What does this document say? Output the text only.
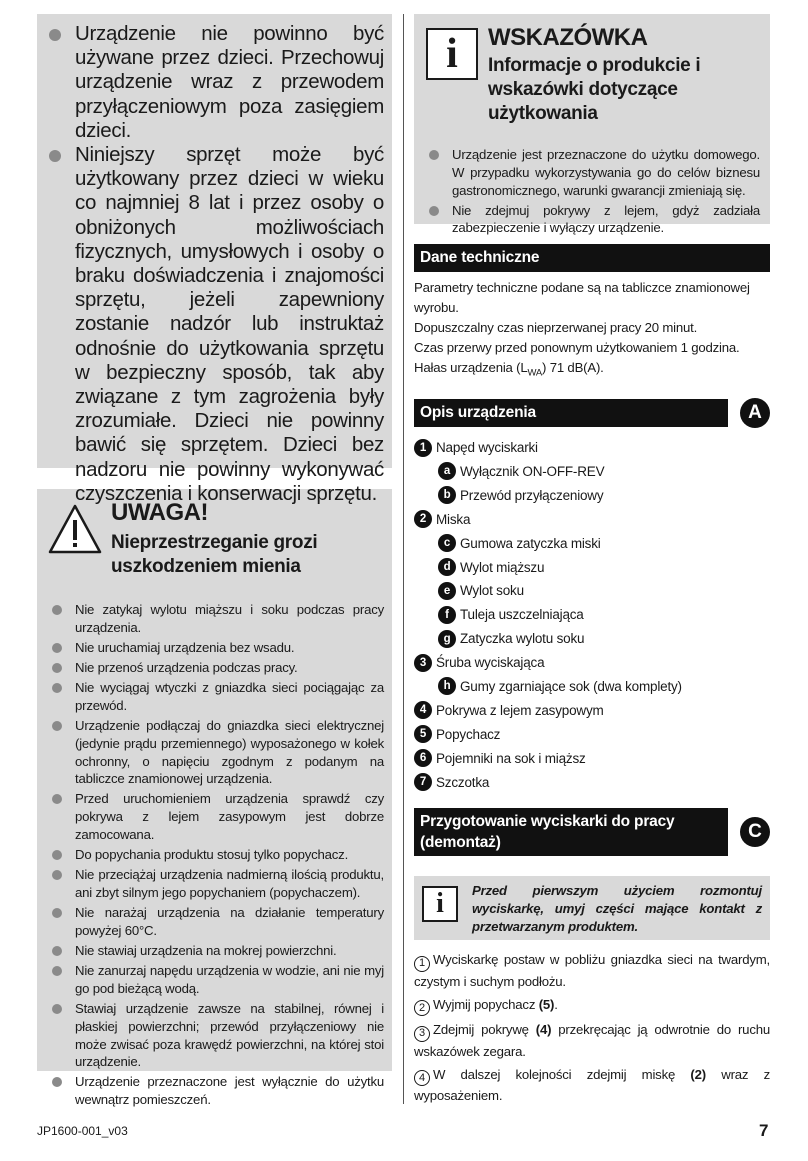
Urządzenie nie powinno być używane przez dzieci. Przechowuj urządzenie wraz z przewodem przyłączeniowym poza zasięgiem dzieci.
Niniejszy sprzęt może być użytkowany przez dzieci w wieku co najmniej 8 lat i przez osoby o obniżonych możliwościach fizycznych, umysłowych i osoby o braku doświadczenia i znajomości sprzętu, jeżeli zapewniony zostanie nadzór lub instruktaż odnośnie do użytkowania sprzętu w bezpieczny sposób, tak aby związane z tym zagrożenia były zrozumiałe. Dzieci nie powinny bawić się sprzętem. Dzieci bez nadzoru nie powinny wykonywać czyszczenia i konserwacji sprzętu.
UWAGA!
Nieprzestrzeganie grozi uszkodzeniem mienia
Nie zatykaj wylotu miąższu i soku podczas pracy urządzenia.
Nie uruchamiaj urządzenia bez wsadu.
Nie przenoś urządzenia podczas pracy.
Nie wyciągaj wtyczki z gniazdka sieci pociągając za przewód.
Urządzenie podłączaj do gniazdka sieci elektrycznej (jedynie prądu przemiennego) wyposażonego w kołek ochronny, o napięciu zgodnym z podanym na tabliczce znamionowej urządzenia.
Przed uruchomieniem urządzenia sprawdź czy pokrywa z lejem zasypowym jest dobrze zamocowana.
Do popychania produktu stosuj tylko popychacz.
Nie przeciążaj urządzenia nadmierną ilością produktu, ani zbyt silnym jego popychaniem (popychaczem).
Nie narażaj urządzenia na działanie temperatury powyżej 60°C.
Nie stawiaj urządzenia na mokrej powierzchni.
Nie zanurzaj napędu urządzenia w wodzie, ani nie myj go pod bieżącą wodą.
Stawiaj urządzenie zawsze na stabilnej, równej i płaskiej powierzchni; przewód przyłączeniowy nie może zwisać poza krawędź powierzchni, na której stoi urządzenie.
Urządzenie przeznaczone jest wyłącznie do użytku wewnątrz pomieszczeń.
i	WSKAZÓWKA
Informacje o produkcie i wskazówki dotyczące użytkowania
Urządzenie jest przeznaczone do użytku domowego. W przypadku wykorzystywania go do celów biznesu gastronomicznego, warunki gwarancji zmieniają się.
Nie zdejmuj pokrywy z lejem, gdyż zadziała zabezpieczenie i wyłączy urządzenie.
Dane techniczne
Parametry techniczne podane są na tabliczce znamionowej wyrobu.
Dopuszczalny czas nieprzerwanej pracy 20 minut.
Czas przerwy przed ponownym użytkowaniem 1 godzina.
Hałas urządzenia $(L_{WA})$ 71 dB(A).
Opis urządzenia	A
1 Napęd wyciskarki
a Wyłącznik ON-OFF-REV
b Przewód przyłączeniowy
2 Miska
c Gumowa zatyczka miski
d Wylot miąższu
e Wylot soku
f Tuleja uszczelniająca
g Zatyczka wylotu soku
3 Śruba wyciskająca
h Gumy zgarniające sok (dwa komplety)
4 Pokrywa z lejem zasypowym
5 Popychacz
6 Pojemniki na sok i miąższ
7 Szczotka
Przygotowanie wyciskarki do pracy (demontaż)
C
i	Przed pierwszym użyciem rozmontuj wyciskarkę, umyj części mające kontakt z przetwarzanym produktem.
1 Wyciskarkę postaw w pobliżu gniazdka sieci na twardym, czystym i suchym podłożu.
2 Wyjmij popychacz (5).
3 Zdejmij pokrywę (4) przekręcając ją odwrotnie do ruchu wskazówek zegara.
4 W dalszej kolejności zdejmij miskę (2) wraz z wyposażeniem.
JP1600-001_v03	7
